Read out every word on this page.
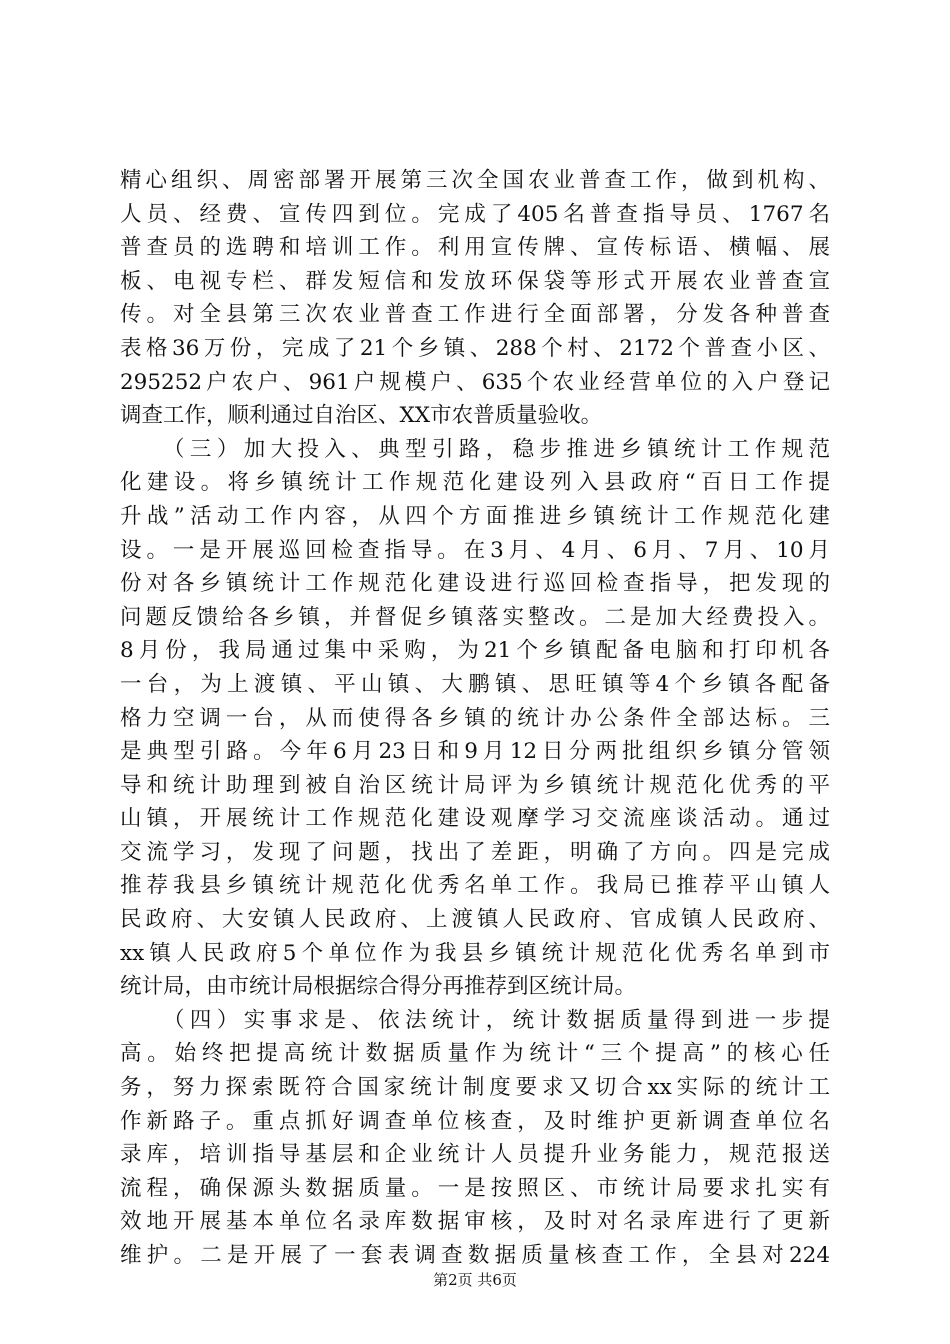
精心组织、周密部署开展第三次全国农业普查工作，做到机构、
人员、经费、宣传四到位。完成了405名普查指导员、1767名
普查员的选聘和培训工作。利用宣传牌、宣传标语、横幅、展
板、电视专栏、群发短信和发放环保袋等形式开展农业普查宣
传。对全县第三次农业普查工作进行全面部署，分发各种普查
表格36万份，完成了21个乡镇、288个村、2172个普查小区、
295252户农户、961户规模户、635个农业经营单位的入户登记
调查工作，顺利通过自治区、XX市农普质量验收。
　　（三）加大投入、典型引路，稳步推进乡镇统计工作规范
化建设。将乡镇统计工作规范化建设列入县政府“百日工作提
升战”活动工作内容，从四个方面推进乡镇统计工作规范化建
设。一是开展巡回检查指导。在3月、4月、6月、7月、10月
份对各乡镇统计工作规范化建设进行巡回检查指导，把发现的
问题反馈给各乡镇，并督促乡镇落实整改。二是加大经费投入。
8月份，我局通过集中采购，为21个乡镇配备电脑和打印机各
一台，为上渡镇、平山镇、大鹏镇、思旺镇等4个乡镇各配备
格力空调一台，从而使得各乡镇的统计办公条件全部达标。三
是典型引路。今年6月23日和9月12日分两批组织乡镇分管领
导和统计助理到被自治区统计局评为乡镇统计规范化优秀的平
山镇，开展统计工作规范化建设观摩学习交流座谈活动。通过
交流学习，发现了问题，找出了差距，明确了方向。四是完成
推荐我县乡镇统计规范化优秀名单工作。我局已推荐平山镇人
民政府、大安镇人民政府、上渡镇人民政府、官成镇人民政府、
xx镇人民政府5个单位作为我县乡镇统计规范化优秀名单到市
统计局，由市统计局根据综合得分再推荐到区统计局。
　　（四）实事求是、依法统计，统计数据质量得到进一步提
高。始终把提高统计数据质量作为统计“三个提高”的核心任
务，努力探索既符合国家统计制度要求又切合xx实际的统计工
作新路子。重点抓好调查单位核查，及时维护更新调查单位名
录库，培训指导基层和企业统计人员提升业务能力，规范报送
流程，确保源头数据质量。一是按照区、市统计局要求扎实有
效地开展基本单位名录库数据审核，及时对名录库进行了更新
维护。二是开展了一套表调查数据质量核查工作，全县对224
第2页 共6页
